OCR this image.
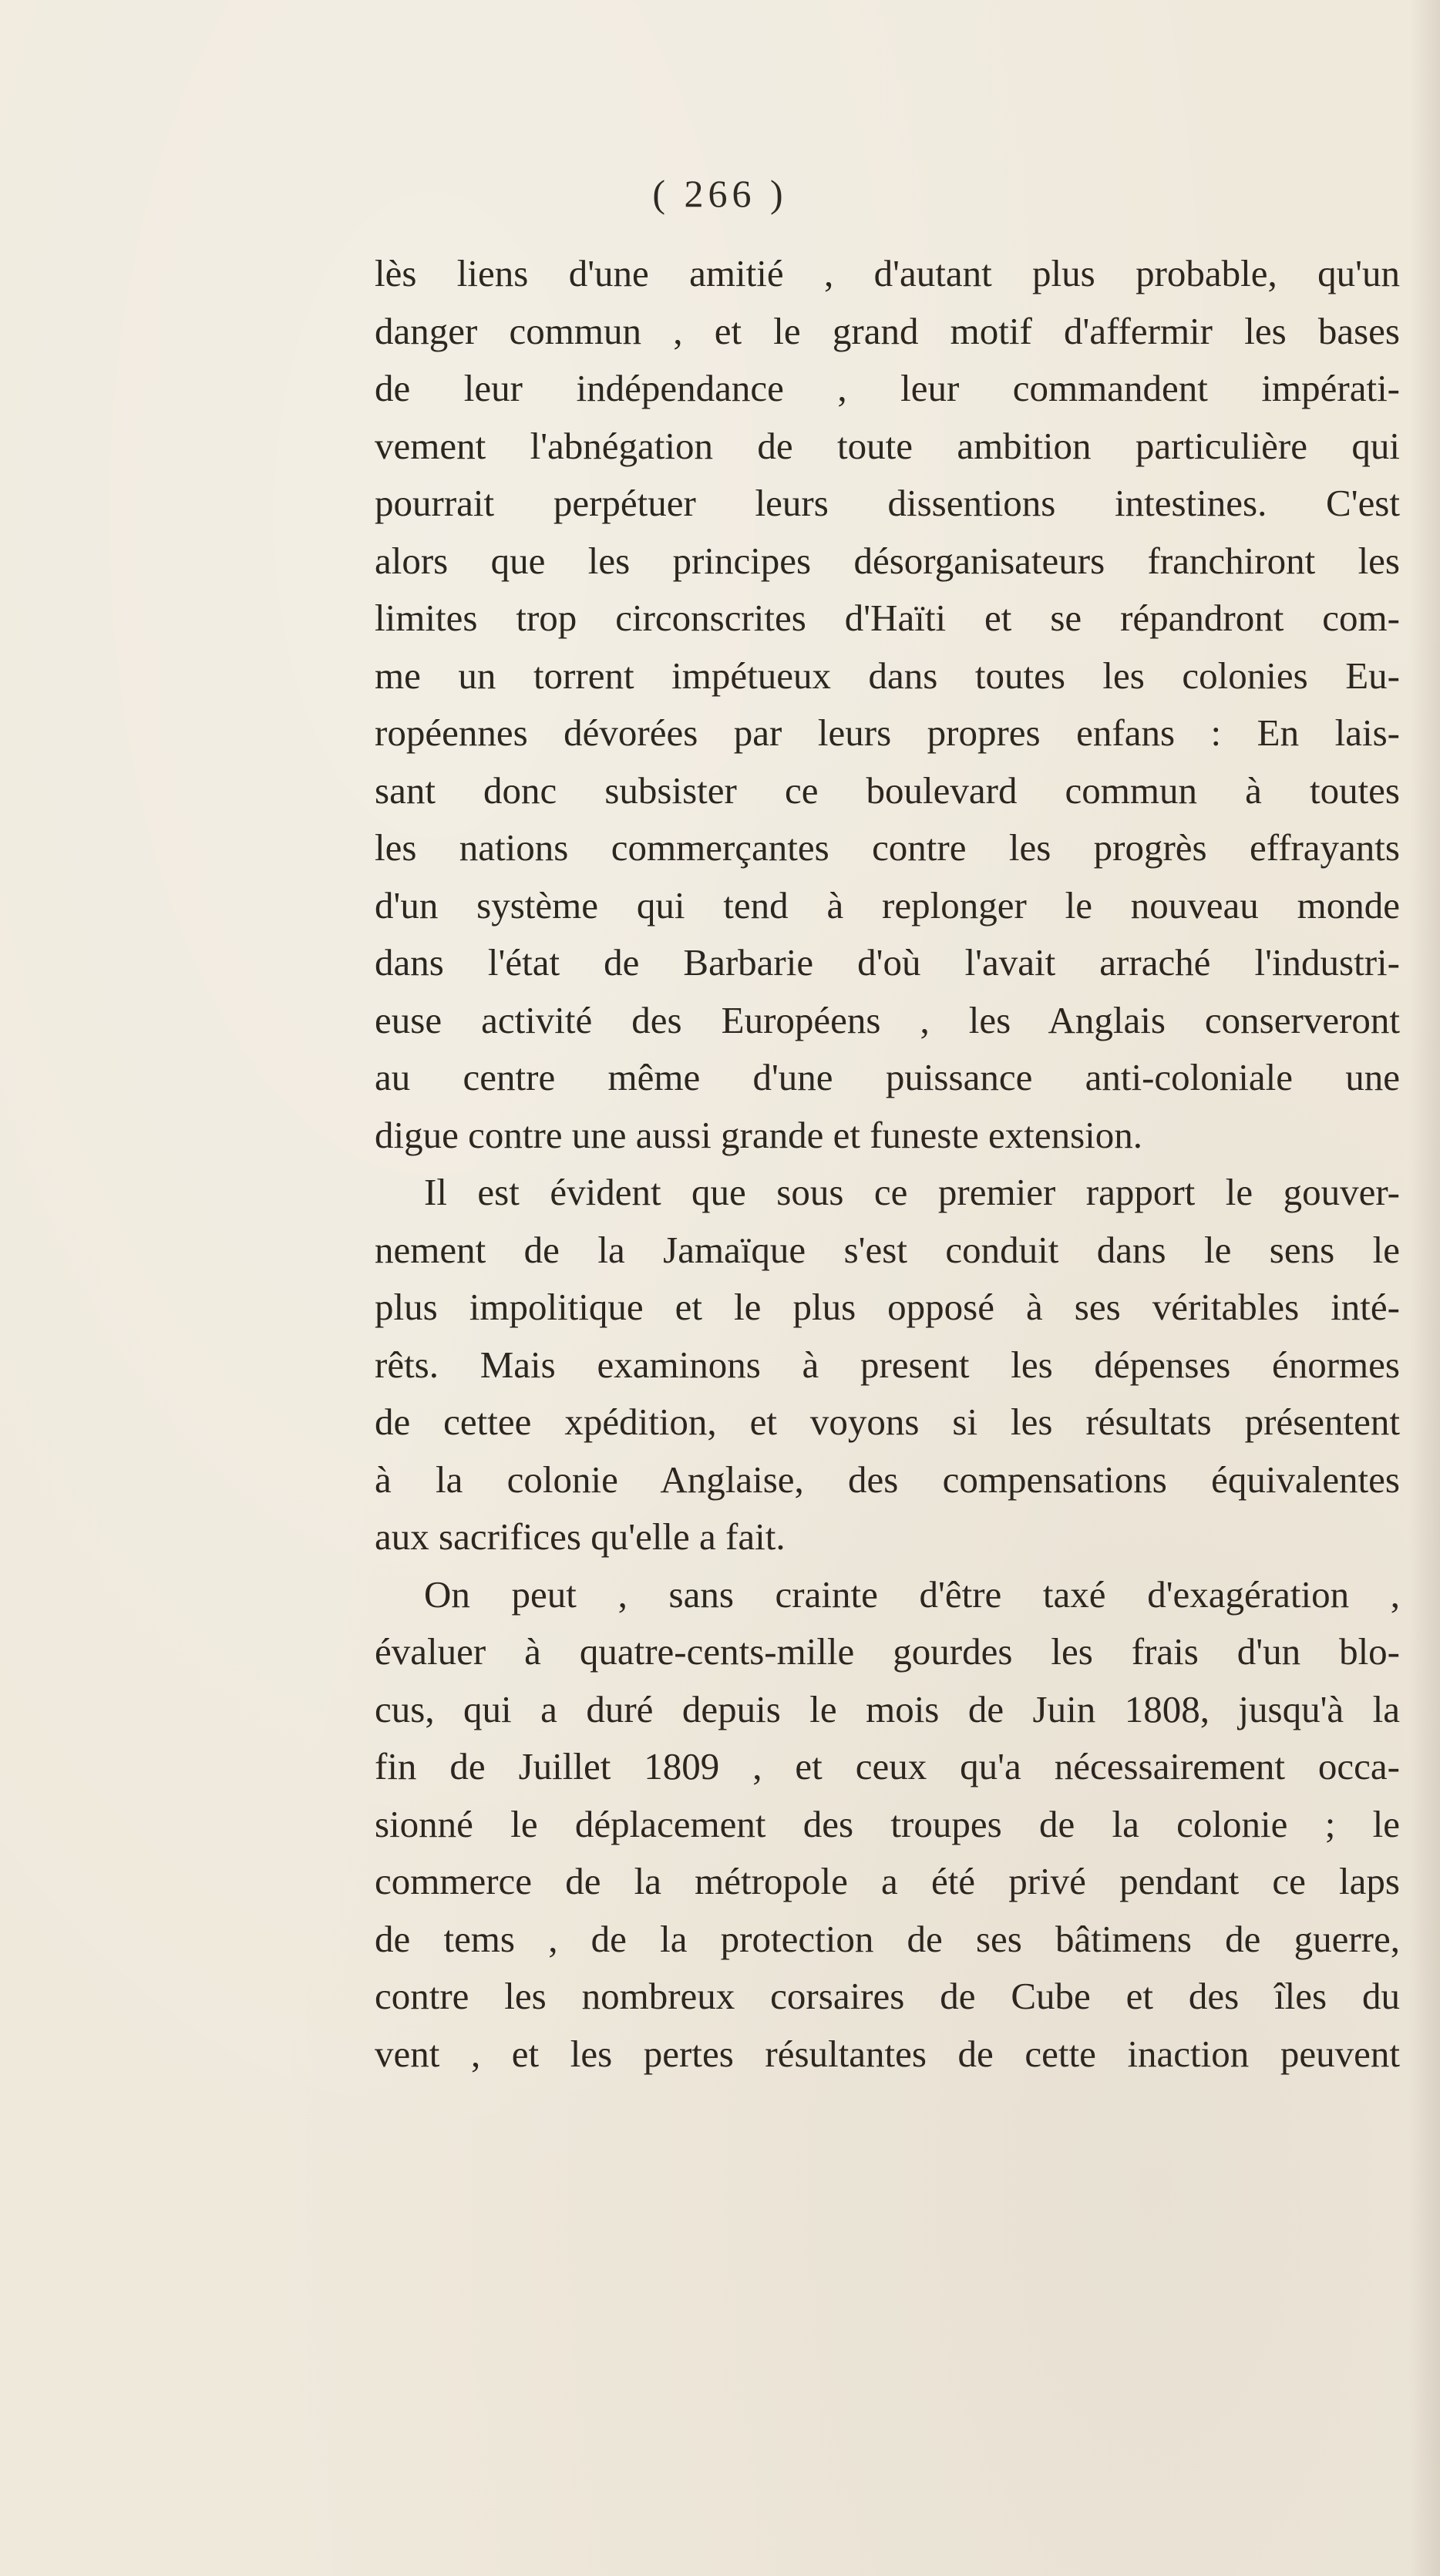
( 266 )
lès liens d'une amitié , d'autant plus probable, qu'un
danger commun , et le grand motif d'affermir les bases
de leur indépendance , leur commandent impérati-
vement l'abnégation de toute ambition particulière qui
pourrait perpétuer leurs dissentions intestines. C'est
alors que les principes désorganisateurs franchiront les
limites trop circonscrites d'Haïti et se répandront com-
me un torrent impétueux dans toutes les colonies Eu-
ropéennes dévorées par leurs propres enfans : En lais-
sant donc subsister ce boulevard commun à toutes
les nations commerçantes contre les progrès effrayants
d'un système qui tend à replonger le nouveau monde
dans l'état de Barbarie d'où l'avait arraché l'industri-
euse activité des Européens , les Anglais conserveront
au centre même d'une puissance anti-coloniale une
digue contre une aussi grande et funeste extension.
Il est évident que sous ce premier rapport le gouver-
nement de la Jamaïque s'est conduit dans le sens le
plus impolitique et le plus opposé à ses véritables inté-
rêts. Mais examinons à present les dépenses énormes
de cettee xpédition, et voyons si les résultats présentent
à la colonie Anglaise, des compensations équivalentes
aux sacrifices qu'elle a fait.
On peut , sans crainte d'être taxé d'exagération ,
évaluer à quatre-cents-mille gourdes les frais d'un blo-
cus, qui a duré depuis le mois de Juin 1808, jusqu'à la
fin de Juillet 1809 , et ceux qu'a nécessairement occa-
sionné le déplacement des troupes de la colonie ; le
commerce de la métropole a été privé pendant ce laps
de tems , de la protection de ses bâtimens de guerre,
contre les nombreux corsaires de Cube et des îles du
vent , et les pertes résultantes de cette inaction peuvent
